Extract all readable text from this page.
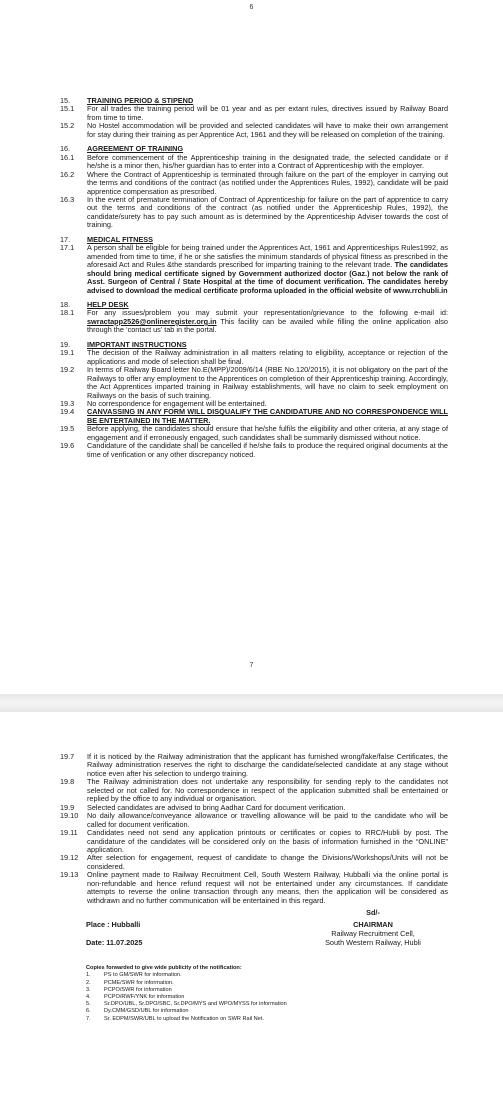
6
15.	TRAINING PERIOD & STIPEND
15.1	For all trades the training period will be 01 year and as per extant rules, directives issued by Railway Board from time to time.
15.2	No Hostel accommodation will be provided and selected candidates will have to make their own arrangement for stay during their training as per Apprentice Act, 1961 and they will be released on completion of the training.
16.	AGREEMENT OF TRAINING
16.1	Before commencement of the Apprenticeship training in the designated trade, the selected candidate or if he/she is a minor then, his/her guardian has to enter into a Contract of Apprenticeship with the employer.
16.2	Where the Contract of Apprenticeship is terminated through failure on the part of the employer in carrying out the terms and conditions of the contract (as notified under the Apprentices Rules, 1992), candidate will be paid apprentice compensation as prescribed.
16.3	In the event of premature termination of Contract of Apprenticeship for failure on the part of apprentice to carry out the terms and conditions of the contract (as notified under the Apprenticeship Rules, 1992), the candidate/surety has to pay such amount as is determined by the Apprenticeship Adviser towards the cost of training.
17.	MEDICAL FITNESS
17.1	A person shall be eligible for being trained under the Apprentices Act, 1961 and Apprenticeships Rules1992, as amended from time to time, if he or she satisfies the minimum standards of physical fitness as prescribed in the aforesaid Act and Rules &the standards prescribed for imparting training to the relevant trade. The candidates should bring medical certificate signed by Government authorized doctor (Gaz.) not below the rank of Asst. Surgeon of Central / State Hospital at the time of document verification. The candidates hereby advised to download the medical certificate proforma uploaded in the official website of www.rrchubli.in
18.	HELP DESK
18.1	For any issues/problem you may submit your representation/grievance to the following e-mail id: swractapp2526@onlineregister.org.in This facility can be availed while filling the online application also through the ‘contact us’ tab in the portal.
19.	IMPORTANT INSTRUCTIONS
19.1	The decision of the Railway administration in all matters relating to eligibility, acceptance or rejection of the applications and mode of selection shall be final.
19.2	In terms of Railway Board letter No.E(MPP)/2009/6/14 (RBE No.120/2015), it is not obligatory on the part of the Railways to offer any employment to the Apprentices on completion of their Apprenticeship training. Accordingly, the Act Apprentices imparted training in Railway establishments, will have no claim to seek employment on Railways on the basis of such training.
19.3	No correspondence for engagement will be entertained.
19.4	CANVASSING IN ANY FORM WILL DISQUALIFY THE CANDIDATURE AND NO CORRESPONDENCE WILL BE ENTERTAINED IN THE MATTER.
19.5	Before applying, the candidates should ensure that he/she fulfils the eligibility and other criteria, at any stage of engagement and if erroneously engaged, such candidates shall be summarily dismissed without notice.
19.6	Candidature of the candidate shall be cancelled if he/she fails to produce the required original documents at the time of verification or any other discrepancy noticed.
7
19.7	If it is noticed by the Railway administration that the applicant has furnished wrong/fake/false Certificates, the Railway administration reserves the right to discharge the candidate/selected candidate at any stage without notice even after his selection to undergo training.
19.8	The Railway administration does not undertake any responsibility for sending reply to the candidates not selected or not called for. No correspondence in respect of the application submitted shall be entertained or replied by the office to any individual or organisation.
19.9	Selected candidates are advised to bring Aadhar Card for document verification.
19.10	No daily allowance/conveyance allowance or travelling allowance will be paid to the candidate who will be called for document verification.
19.11	Candidates need not send any application printouts or certificates or copies to RRC/Hubli by post. The candidature of the candidates will be considered only on the basis of information furnished in the “ONLINE” application.
19.12	After selection for engagement, request of candidate to change the Divisions/Workshops/Units will not be considered.
19.13	Online payment made to Railway Recruitment Cell, South Western Railway, Hubballi via the online portal is non-refundable and hence refund request will not be entertained under any circumstances. If candidate attempts to reverse the online transaction through any means, then the application will be considered as withdrawn and no further communication will be entertained in this regard.
Sd/-
Place : Hubballi	CHAIRMAN
Railway Recruitment Cell,
Date: 11.07.2025	South Western Railway, Hubli
Copies forwarded to give wide publicity of the notification:
1.	PS to GM/SWR for information.
2.	PCME/SWR for information.
3.	PCPO/SWR for information
4.	PCPO/RWF/YNK for information
5.	Sr.DPO/UBL, Sr.DPO/SBC, Sr.DPO/MYS and WPO/MYSS for information
6.	Dy.CMM/GSD/UBL for information
7.	Sr. EDPM/SWR/UBL to upload the Notification on SWR Rail Net.
